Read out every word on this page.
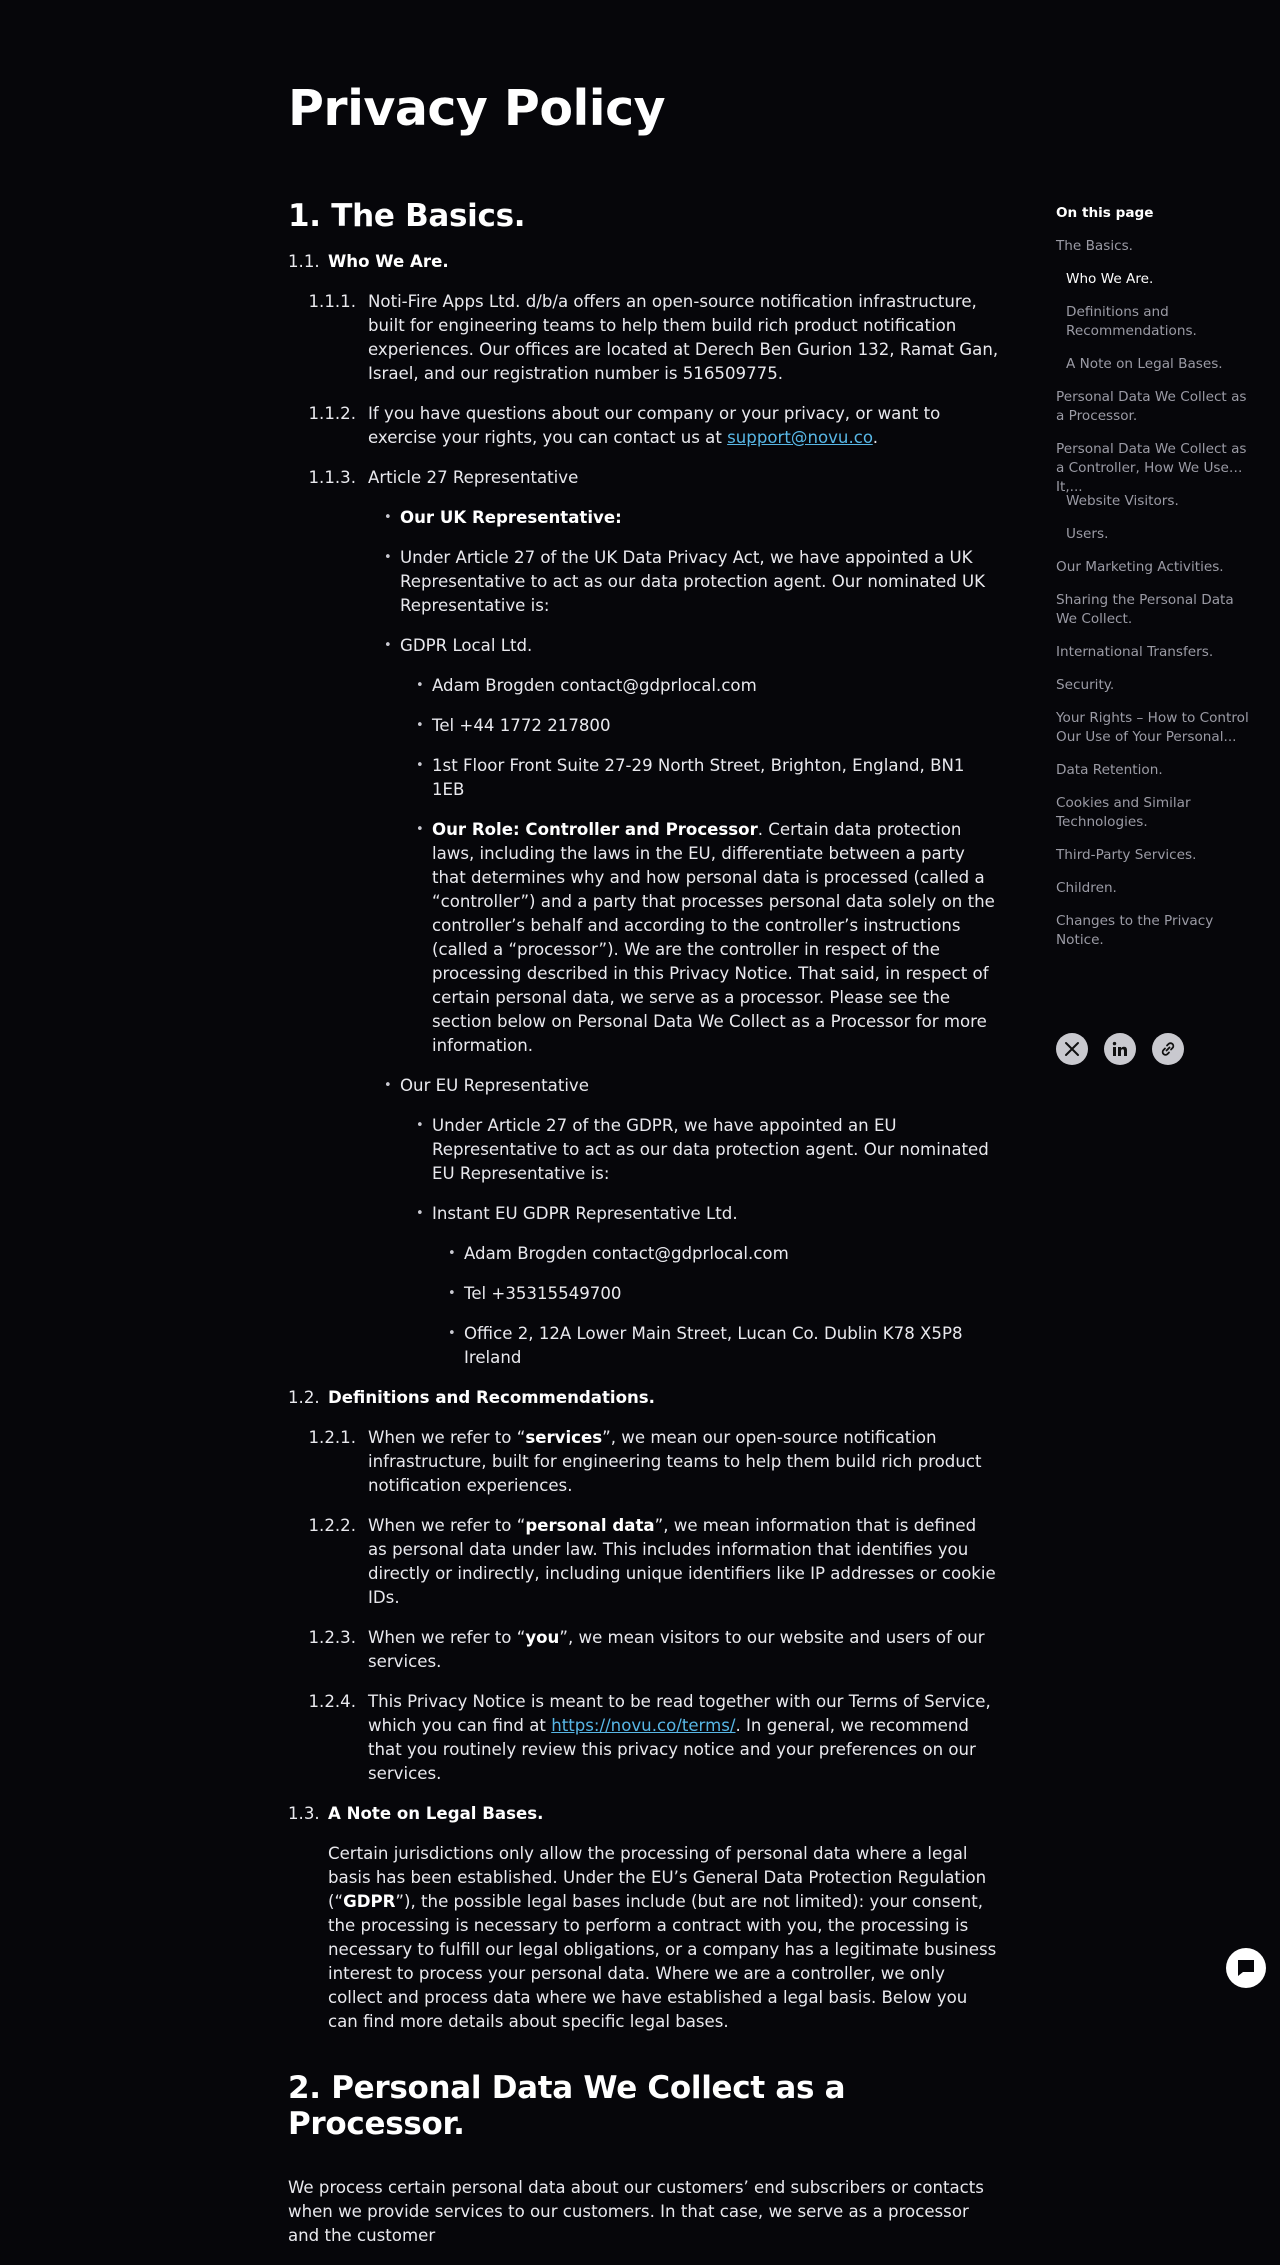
Privacy Policy
1. The Basics.
1.1. Who We Are.
1.1.1. Noti-Fire Apps Ltd. d/b/a offers an open-source notification infrastructure, built for engineering teams to help them build rich product notification experiences. Our offices are located at Derech Ben Gurion 132, Ramat Gan, Israel, and our registration number is 516509775.
1.1.2. If you have questions about our company or your privacy, or want to exercise your rights, you can contact us at support@novu.co.
1.1.3. Article 27 Representative
• Our UK Representative:
• Under Article 27 of the UK Data Privacy Act, we have appointed a UK Representative to act as our data protection agent. Our nominated UK Representative is:
• GDPR Local Ltd.
• Adam Brogden contact@gdprlocal.com
• Tel +44 1772 217800
• 1st Floor Front Suite 27-29 North Street, Brighton, England, BN1 1EB
• Our Role: Controller and Processor. Certain data protection laws, including the laws in the EU, differentiate between a party that determines why and how personal data is processed (called a “controller”) and a party that processes personal data solely on the controller’s behalf and according to the controller’s instructions (called a “processor”). We are the controller in respect of the processing described in this Privacy Notice. That said, in respect of certain personal data, we serve as a processor. Please see the section below on Personal Data We Collect as a Processor for more information.
• Our EU Representative
• Under Article 27 of the GDPR, we have appointed an EU Representative to act as our data protection agent. Our nominated EU Representative is:
• Instant EU GDPR Representative Ltd.
• Adam Brogden contact@gdprlocal.com
• Tel +35315549700
• Office 2, 12A Lower Main Street, Lucan Co. Dublin K78 X5P8 Ireland
1.2. Definitions and Recommendations.
1.2.1. When we refer to “services”, we mean our open-source notification infrastructure, built for engineering teams to help them build rich product notification experiences.
1.2.2. When we refer to “personal data”, we mean information that is defined as personal data under law. This includes information that identifies you directly or indirectly, including unique identifiers like IP addresses or cookie IDs.
1.2.3. When we refer to “you”, we mean visitors to our website and users of our services.
1.2.4. This Privacy Notice is meant to be read together with our Terms of Service, which you can find at https://novu.co/terms/. In general, we recommend that you routinely review this privacy notice and your preferences on our services.
1.3. A Note on Legal Bases.
Certain jurisdictions only allow the processing of personal data where a legal basis has been established. Under the EU’s General Data Protection Regulation (“GDPR”), the possible legal bases include (but are not limited): your consent, the processing is necessary to perform a contract with you, the processing is necessary to fulfill our legal obligations, or a company has a legitimate business interest to process your personal data. Where we are a controller, we only collect and process data where we have established a legal basis. Below you can find more details about specific legal bases.
2. Personal Data We Collect as a Processor.

We process certain personal data about our customers’ end subscribers or contacts when we provide services to our customers. In that case, we serve as a processor and the customer

On this page
The Basics.
Who We Are.
Definitions and Recommendations.
A Note on Legal Bases.
Personal Data We Collect as a Processor.
Personal Data We Collect as a Controller, How We Use It,...
Website Visitors.
Users.
Our Marketing Activities.
Sharing the Personal Data We Collect.
International Transfers.
Security.
Your Rights – How to Control Our Use of Your Personal...
Data Retention.
Cookies and Similar Technologies.
Third-Party Services.
Children.
Changes to the Privacy Notice.
